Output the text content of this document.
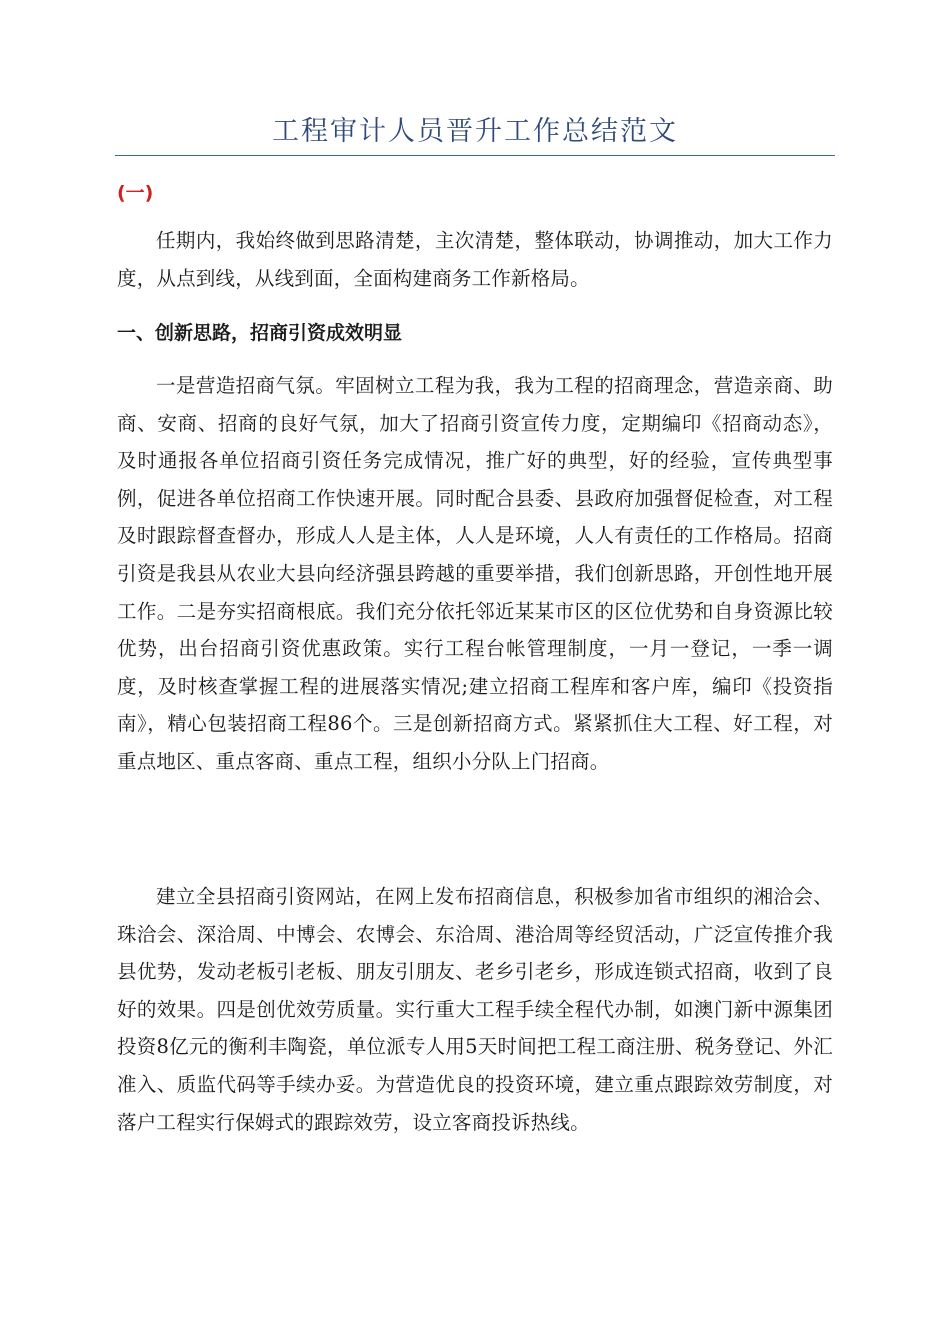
工程审计人员晋升工作总结范文
(一)

任期内，我始终做到思路清楚，主次清楚，整体联动，协调推动，加大工作力度，从点到线，从线到面，全面构建商务工作新格局。

一、创新思路，招商引资成效明显

一是营造招商气氛。牢固树立工程为我，我为工程的招商理念，营造亲商、助商、安商、招商的良好气氛，加大了招商引资宣传力度，定期编印《招商动态》，及时通报各单位招商引资任务完成情况，推广好的典型，好的经验，宣传典型事例，促进各单位招商工作快速开展。同时配合县委、县政府加强督促检查，对工程及时跟踪督查督办，形成人人是主体，人人是环境，人人有责任的工作格局。招商引资是我县从农业大县向经济强县跨越的重要举措，我们创新思路，开创性地开展工作。二是夯实招商根底。我们充分依托邻近某某市区的区位优势和自身资源比较优势，出台招商引资优惠政策。实行工程台帐管理制度，一月一登记，一季一调度，及时核查掌握工程的进展落实情况;建立招商工程库和客户库，编印《投资指南》，精心包装招商工程86个。三是创新招商方式。紧紧抓住大工程、好工程，对重点地区、重点客商、重点工程，组织小分队上门招商。

建立全县招商引资网站，在网上发布招商信息，积极参加省市组织的湘洽会、珠洽会、深洽周、中博会、农博会、东洽周、港洽周等经贸活动，广泛宣传推介我县优势，发动老板引老板、朋友引朋友、老乡引老乡，形成连锁式招商，收到了良好的效果。四是创优效劳质量。实行重大工程手续全程代办制，如澳门新中源集团投资8亿元的衡利丰陶瓷，单位派专人用5天时间把工程工商注册、税务登记、外汇准入、质监代码等手续办妥。为营造优良的投资环境，建立重点跟踪效劳制度，对落户工程实行保姆式的跟踪效劳，设立客商投诉热线。
